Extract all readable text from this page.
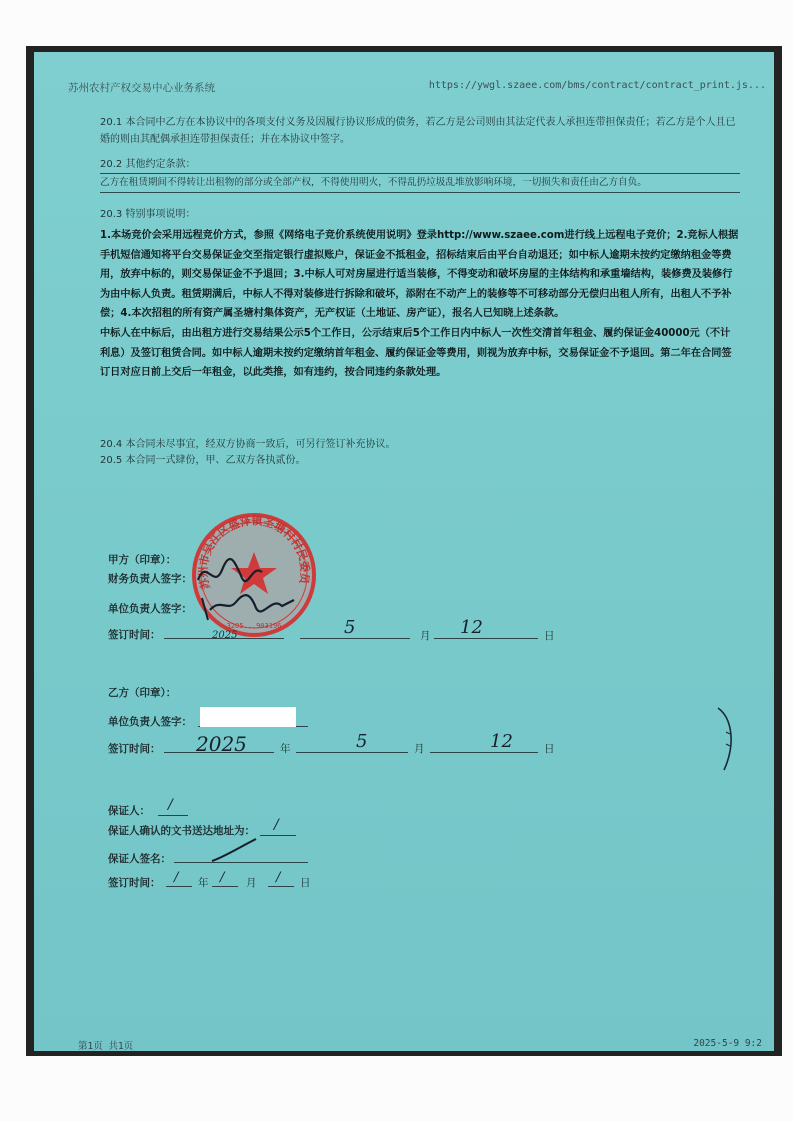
苏州农村产权交易中心业务系统	https://ywgl.szaee.com/bms/contract/contract_print.js...
20.1 本合同中乙方在本协议中的各项支付义务及因履行协议形成的债务，若乙方是公司则由其法定代表人承担连带担保责任；若乙方是个人且已婚的则由其配偶承担连带担保责任；并在本协议中签字。
20.2 其他约定条款：
乙方在租赁期间不得转让出租物的部分或全部产权，不得使用明火，不得乱扔垃圾乱堆放影响环境，一切损失和责任由乙方自负。
20.3 特别事项说明：

1.本场竞价会采用远程竞价方式，参照《网络电子竞价系统使用说明》登录http://www.szaee.com进行线上远程电子竞价；2.竞标人根据手机短信通知将平台交易保证金交至指定银行虚拟账户，保证金不抵租金，招标结束后由平台自动退还；如中标人逾期未按约定缴纳租金等费用，放弃中标的，则交易保证金不予退回；3.中标人可对房屋进行适当装修，不得变动和破坏房屋的主体结构和承重墙结构，装修费及装修行为由中标人负责。租赁期满后，中标人不得对装修进行拆除和破坏，添附在不动产上的装修等不可移动部分无偿归出租人所有，出租人不予补偿；4.本次招租的所有资产属圣塘村集体资产，无产权证（土地证、房产证），报名人已知晓上述条款。

中标人在中标后，由出租方进行交易结果公示5个工作日，公示结束后5个工作日内中标人一次性交清首年租金、履约保证金40000元（不计利息）及签订租赁合同。如中标人逾期未按约定缴纳首年租金、履约保证金等费用，则视为放弃中标，交易保证金不予退回。第二年在合同签订日对应日前上交后一年租金，以此类推，如有违约，按合同违约条款处理。

20.4 本合同未尽事宜，经双方协商一致后，可另行签订补充协议。
20.5 本合同一式肆份，甲、乙双方各执贰份。
苏州市吴江区盛泽镇圣塘村村民委员
3205...903196
甲方（印章）：
财务负责人签字：
单位负责人签字：
签订时间：	2025	5	月 12	日
乙方（印章）：
单位负责人签字：
签订时间： 2025	年	5	月	12	日
保证人： /
保证人确认的文书送达地址为： /
保证人签名：
签订时间： / 年 / 月 / 日
第1页 共1页	2025-5-9 9:2
